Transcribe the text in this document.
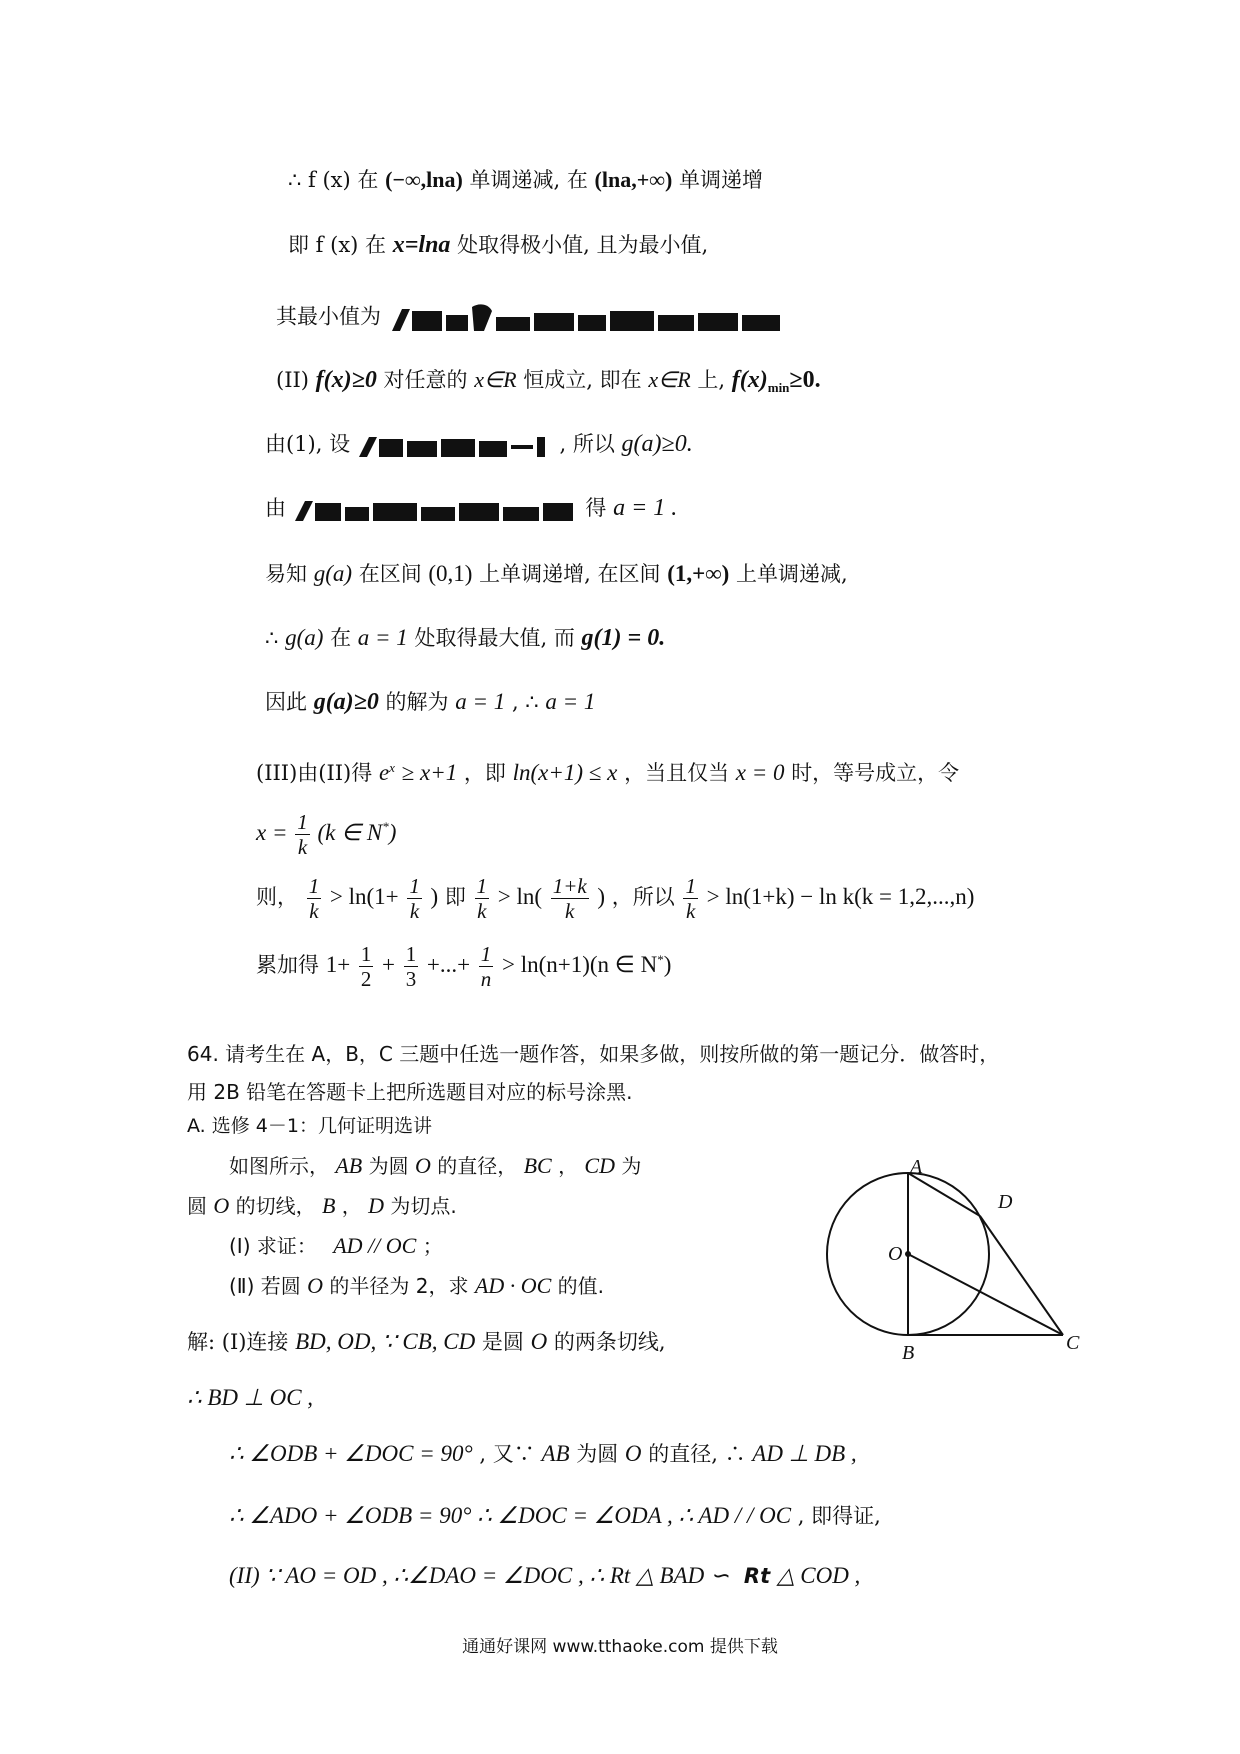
∴ f (x) 在 (−∞,lna) 单调递减, 在 (lna,+∞) 单调递增
即 f (x) 在 x=lna 处取得极小值, 且为最小值,
其最小值为
(II) f(x)≥0 对任意的 x∈R 恒成立, 即在 x∈R 上, $f(x)_{min}\ge 0$.
由(1), 设	, 所以 g(a)≥0.
由	得 a = 1 .
易知 g(a) 在区间 (0,1) 上单调递增, 在区间 (1,+∞) 上单调递减,
∴ g(a) 在 a = 1 处取得最大值, 而 g(1) = 0.
因此 g(a)≥0 的解为 a = 1 , ∴ a = 1
(III)由(II)得 $e^x \ge x+1$ ，即 ln(x+1) ≤ x ，当且仅当 x = 0 时，等号成立，令
$x = \frac{1}{k} (k$ ∈ N*)
则， $\frac{1}{k} > \ln(1+ \frac{1}{k}$ ) 即 $\frac{1}{k} > \ln( \frac{1+k}{k}$ ) ，所以 $\frac{1}{k} > \ln(1+k) - \ln k(k = 1,2,...,n)$
累加得 $1+ \frac{1}{2} + \frac{1}{3}$ +...+ $\frac{1}{n} > \ln(n+1)(n$ ∈ N*)
64. 请考生在 A，B，C 三题中任选一题作答，如果多做，则按所做的第一题记分．做答时，
用 2B 铅笔在答题卡上把所选题目对应的标号涂黑.
A. 选修 4－1：几何证明选讲
如图所示， AB 为圆 O 的直径， BC ， CD 为
圆 O 的切线， B ， D 为切点.
(Ⅰ) 求证： AD // OC ；
(Ⅱ) 若圆 O 的半径为 2，求 AD · OC 的值.
A
D
O
B	C
解: (I)连接 BD, OD, ∵ CB, CD 是圆 O 的两条切线,
∴ BD ⊥ OC ,
∴ ∠ODB + ∠DOC = 90° , 又∵ AB 为圆 O 的直径, ∴ AD ⊥ DB ,
∴ ∠ADO + ∠ODB = 90° ∴ ∠DOC = ∠ODA , ∴ AD / / OC , 即得证,
(II) ∵ AO = OD , ∴∠DAO = ∠DOC , ∴ Rt △ BAD ∽ Rt △ COD ,
通通好课网 www.tthaoke.com 提供下载
